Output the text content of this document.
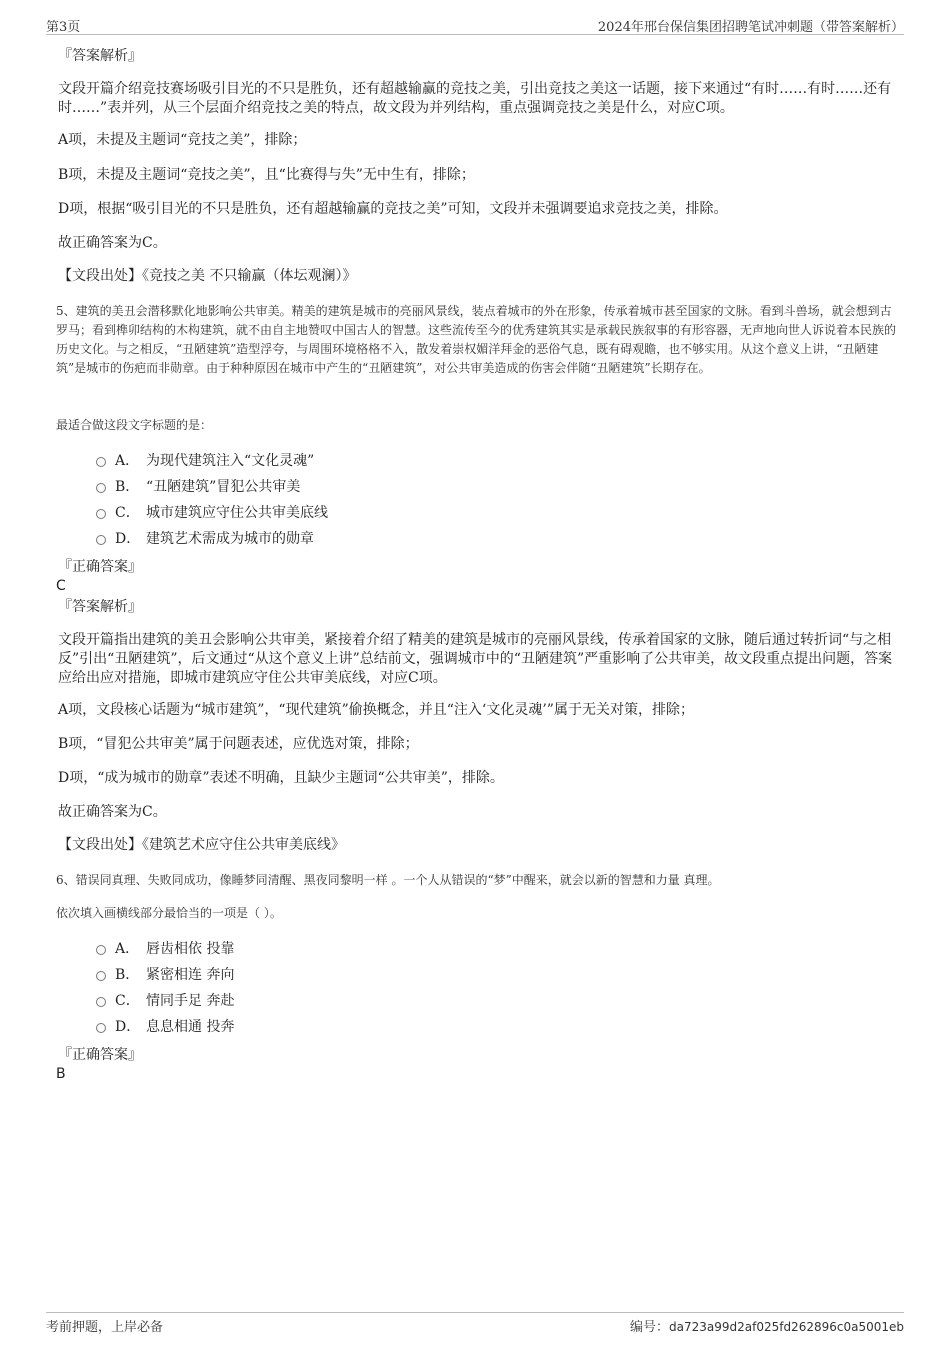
第3页	2024年邢台保信集团招聘笔试冲刺题（带答案解析）
『答案解析』

文段开篇介绍竞技赛场吸引目光的不只是胜负，还有超越输赢的竞技之美，引出竞技之美这一话题，接下来通过“有时……有时……还有时……”表并列，从三个层面介绍竞技之美的特点，故文段为并列结构，重点强调竞技之美是什么，对应C项。

A项，未提及主题词“竞技之美”，排除；

B项，未提及主题词“竞技之美”，且“比赛得与失”无中生有，排除；

D项，根据“吸引目光的不只是胜负，还有超越输赢的竞技之美”可知，文段并未强调要追求竞技之美，排除。

故正确答案为C。

【文段出处】《竞技之美 不只输赢（体坛观澜）》

5、建筑的美丑会潜移默化地影响公共审美。精美的建筑是城市的亮丽风景线，装点着城市的外在形象，传承着城市甚至国家的文脉。看到斗兽场，就会想到古罗马；看到榫卯结构的木构建筑，就不由自主地赞叹中国古人的智慧。这些流传至今的优秀建筑其实是承载民族叙事的有形容器，无声地向世人诉说着本民族的历史文化。与之相反，“丑陋建筑”造型浮夸，与周围环境格格不入，散发着崇权媚洋拜金的恶俗气息，既有碍观瞻，也不够实用。从这个意义上讲，“丑陋建筑”是城市的伤疤而非勋章。由于种种原因在城市中产生的“丑陋建筑”，对公共审美造成的伤害会伴随“丑陋建筑”长期存在。

最适合做这段文字标题的是：

A． 为现代建筑注入“文化灵魂”
B． “丑陋建筑”冒犯公共审美
C． 城市建筑应守住公共审美底线
D． 建筑艺术需成为城市的勋章
『正确答案』
C
『答案解析』

文段开篇指出建筑的美丑会影响公共审美，紧接着介绍了精美的建筑是城市的亮丽风景线，传承着国家的文脉，随后通过转折词“与之相反”引出“丑陋建筑”，后文通过“从这个意义上讲”总结前文，强调城市中的“丑陋建筑”严重影响了公共审美，故文段重点提出问题，答案应给出应对措施，即城市建筑应守住公共审美底线，对应C项。

A项，文段核心话题为“城市建筑”，“现代建筑”偷换概念，并且“注入‘文化灵魂’”属于无关对策，排除；

B项，“冒犯公共审美”属于问题表述，应优选对策，排除；

D项，“成为城市的勋章”表述不明确，且缺少主题词“公共审美”，排除。

故正确答案为C。

【文段出处】《建筑艺术应守住公共审美底线》

6、错误同真理、失败同成功，像睡梦同清醒、黑夜同黎明一样 。一个人从错误的“梦”中醒来，就会以新的智慧和力量 真理。

依次填入画横线部分最恰当的一项是（ ）。

A． 唇齿相依 投靠
B． 紧密相连 奔向
C． 情同手足 奔赴
D． 息息相通 投奔
『正确答案』
B
考前押题，上岸必备	编号：da723a99d2af025fd262896c0a5001eb
